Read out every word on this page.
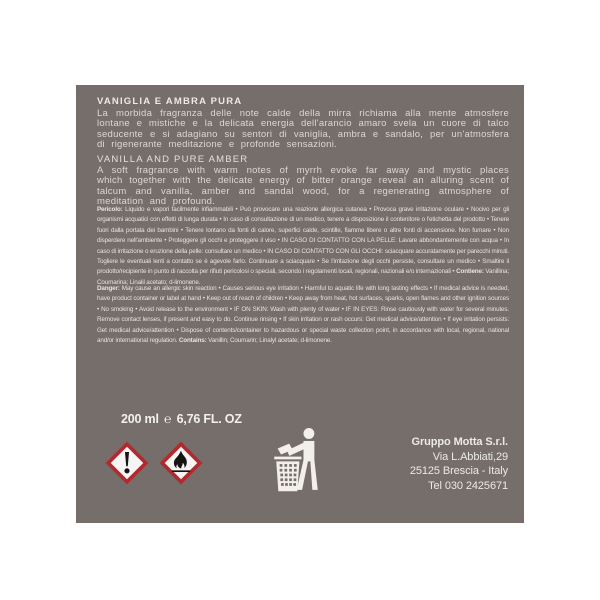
VANIGLIA E AMBRA PURA

La morbida fragranza delle note calde della mirra richiama alla mente atmosfere lontane e mistiche e la delicata energia dell'arancio amaro svela un cuore di talco seducente e si adagiano su sentori di vaniglia, ambra e sandalo, per un'atmosfera di rigenerante meditazione e profonde sensazioni.

VANILLA AND PURE AMBER

A soft fragrance with warm notes of myrrh evoke far away and mystic places which together with the delicate energy of bitter orange reveal an alluring scent of talcum and vanilla, amber and sandal wood, for a regenerating atmosphere of meditation and profound.

Pericolo: Liquido e vapori facilmente infiammabili • Può provocare una reazione allergica cutanea • Provoca grave irritazione oculare • Nocivo per gli organismi acquatici con effetti di lunga durata • In caso di consultazione di un medico, tenere a disposizione il contenitore o l'etichetta del prodotto • Tenere fuori dalla portata dei bambini • Tenere lontano da fonti di calore, superfici calde, scintille, fiamme libere o altre fonti di accensione. Non fumare • Non disperdere nell'ambiente • Proteggere gli occhi e proteggere il viso • IN CASO DI CONTATTO CON LA PELLE: Lavare abbondantemente con acqua • In caso di irritazione o eruzione della pelle: consultare un medico • IN CASO DI CONTATTO CON GLI OCCHI: sciacquare accuratamente per parecchi minuti. Togliere le eventuali lenti a contatto se è agevole farlo. Continuare a sciacquare • Se l'irritazione degli occhi persiste, consultare un medico • Smaltire il prodotto/recipiente in punto di raccolta per rifiuti pericolosi o speciali, secondo i regolamenti locali, regionali, nazionali e/o internazionali • Contiene: Vanillina; Coumarina; Linalil acetato; d-limonene.

Danger: May cause an allergic skin reaction • Causes serious eye irritation • Harmful to aquatic life with long lasting effects • If medical advice is needed, have product container or label at hand • Keep out of reach of children • Keep away from heat, hot surfaces, sparks, open flames and other ignition sources • No smoking • Avoid release to the environment • IF ON SKIN: Wash with plenty of water • IF IN EYES: Rinse cautiously with water for several minutes. Remove contact lenses, if present and easy to do. Continue rinsing • If skin irritation or rash occurs: Get medical advice/attention • If eye irritation persists: Get medical advice/attention • Dispose of contents/container to hazardous or special waste collection point, in accordance with local, regional, national and/or international regulation. Contains: Vanillin; Coumarin; Linalyl acetate; d-limonene.

200 ml ℮ 6,76 FL. OZ
Gruppo Motta S.r.l.
Via L.Abbiati,29
25125 Brescia - Italy
Tel 030 2425671
